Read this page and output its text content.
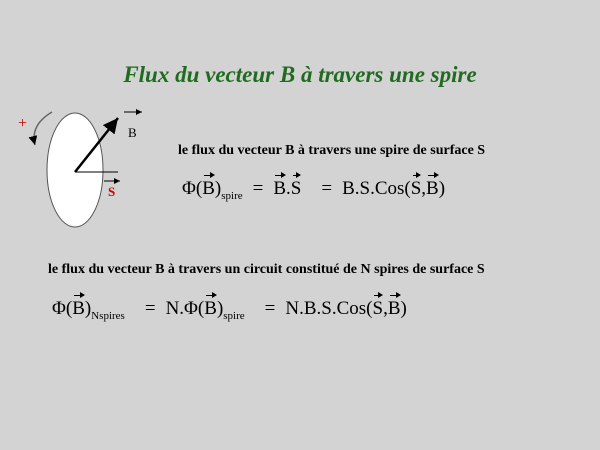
Flux du vecteur B à travers une spire
+
B
S
le flux du vecteur B à travers une spire de surface S
Φ( B ) spire = B . S = B.S.Cos( S , B )
le flux du vecteur B à travers un circuit constitué de N spires de surface S
Φ( B ) Nspires = N.Φ( B ) spire = N.B.S.Cos( S , B )
